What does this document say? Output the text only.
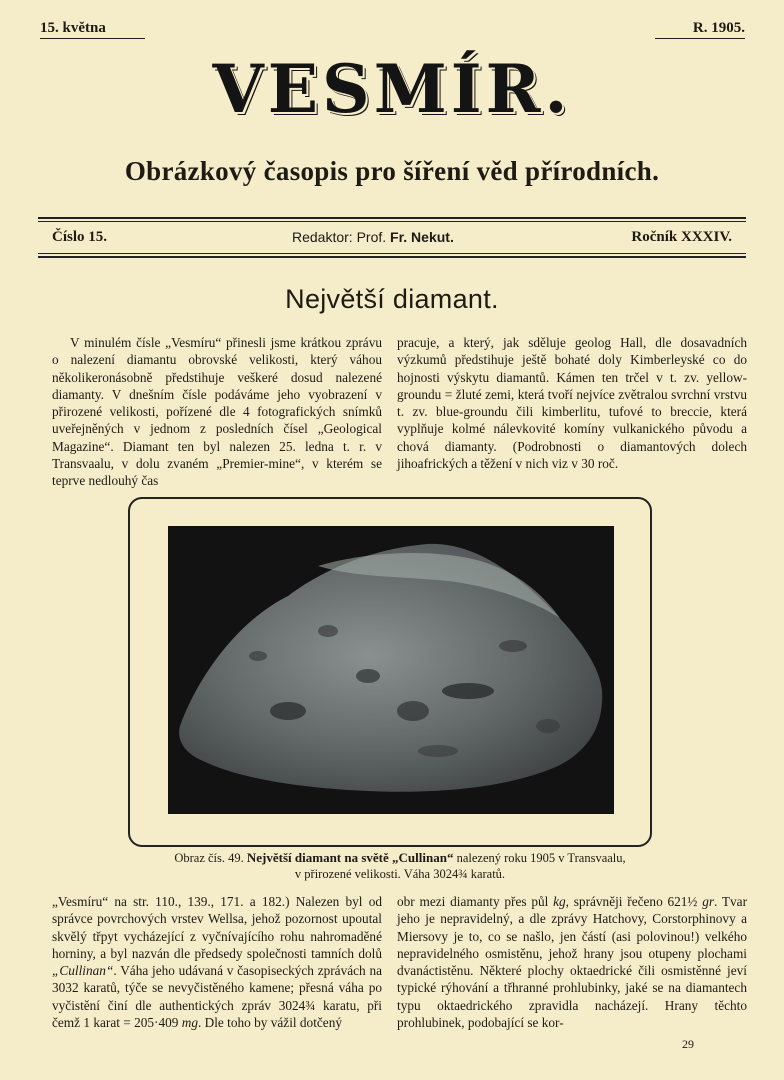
15. května	R. 1905.
VESMÍR.
Obrázkový časopis pro šíření věd přírodních.
Číslo 15.	Redaktor: Prof. Fr. Nekut.	Ročník XXXIV.
Největší diamant.

V minulém čísle „Vesmíru“ přinesli jsme krátkou zprávu o nalezení diamantu obrovské velikosti, který váhou několikeronásobně předstihuje veškeré dosud nalezené diamanty. V dnešním čísle podáváme jeho vyobrazení v přirozené velikosti, pořízené dle 4 fotografických snímků uveřejněných v jednom z posledních čísel „Geological Magazine“. Diamant ten byl nalezen 25. ledna t. r. v Transvaalu, v dolu zvaném „Premier-mine“, v kterém se teprve nedlouhý čas

pracuje, a který, jak sděluje geolog Hall, dle dosavadních výzkumů předstihuje ještě bohaté doly Kimberleyské co do hojnosti výskytu diamantů. Kámen ten trčel v t. zv. yellow-groundu = žluté zemi, která tvoří nejvíce zvětralou svrchní vrstvu t. zv. blue-groundu čili kimberlitu, tufové to breccie, která vyplňuje kolmé nálevkovité komíny vulkanického původu a chová diamanty. (Podrobnosti o diamantových dolech jihoafrických a těžení v nich viz v 30 roč.

Obraz čís. 49. Největší diamant na světě „Cullinan“ nalezený roku 1905 v Transvaalu,
v přirozené velikosti. Váha 3024¾ karatů.

„Vesmíru“ na str. 110., 139., 171. a 182.) Nalezen byl od správce povrchových vrstev Wellsa, jehož pozornost upoutal skvělý třpyt vycházející z vyčnívajícího rohu nahromaděné horniny, a byl nazván dle předsedy společnosti tamních dolů „Cullinan“. Váha jeho udávaná v časopiseckých zprávách na 3032 karatů, týče se nevyčistěného kamene; přesná váha po vyčistění činí dle authentických zpráv 3024¾ karatu, při čemž 1 karat = 205·409 mg. Dle toho by vážil dotčený

obr mezi diamanty přes půl kg, správněji řečeno 621½ gr. Tvar jeho je nepravidelný, a dle zprávy Hatchovy, Corstorphinovy a Miersovy je to, co se našlo, jen částí (asi polovinou!) velkého nepravidelného osmistěnu, jehož hrany jsou otupeny plochami dvanáctistěnu. Některé plochy oktaedrické čili osmistěnné jeví typické rýhování a třhranné prohlubinky, jaké se na diamantech typu oktaedrického zpravidla nacházejí. Hrany těchto prohlubinek, podobající se kor-

29
